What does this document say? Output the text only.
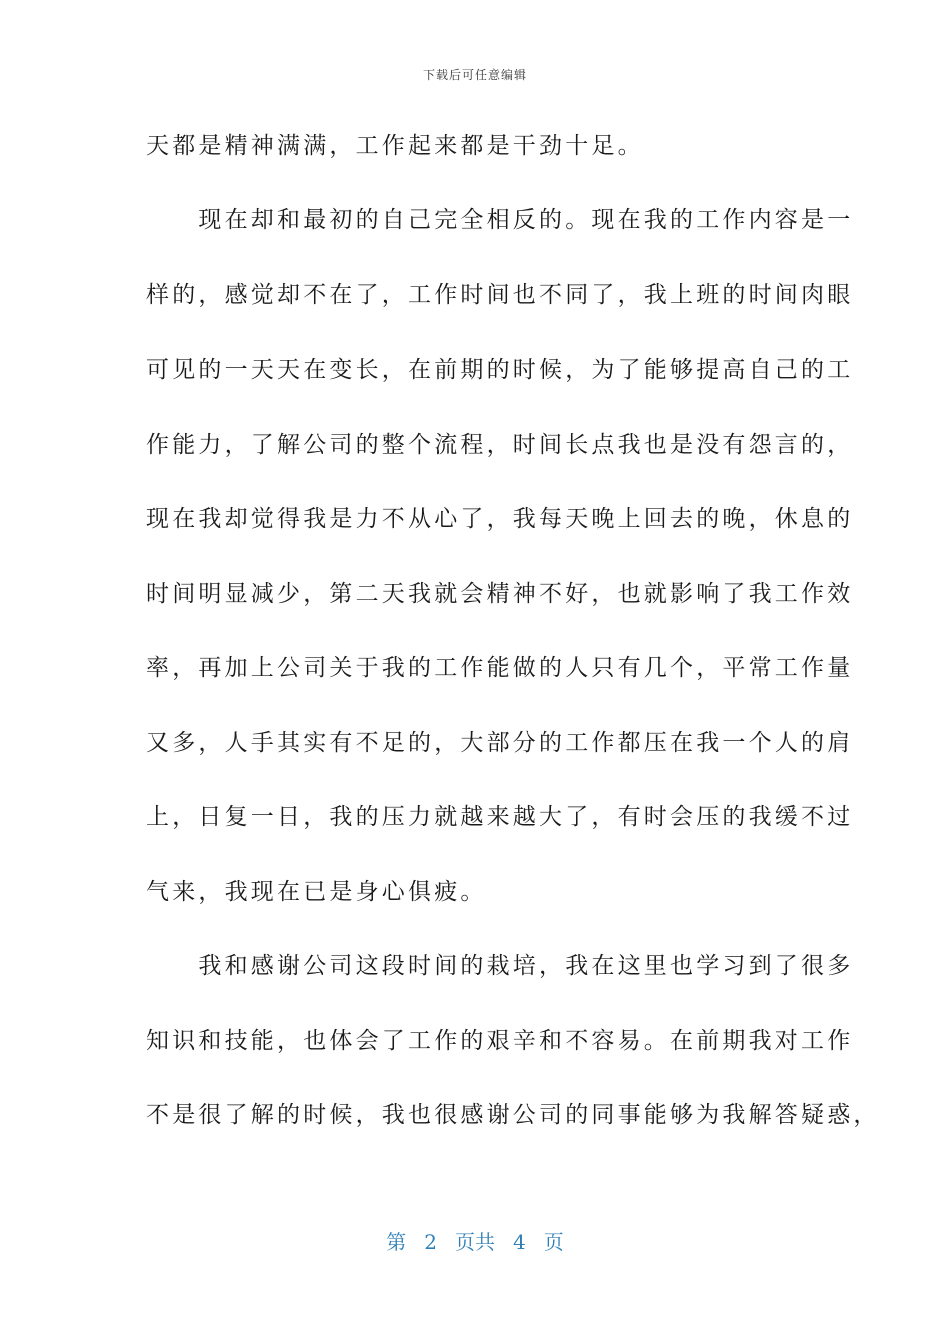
下载后可任意编辑
天都是精神满满，工作起来都是干劲十足。
　　现在却和最初的自己完全相反的。现在我的工作内容是一
样的，感觉却不在了，工作时间也不同了，我上班的时间肉眼
可见的一天天在变长，在前期的时候，为了能够提高自己的工
作能力，了解公司的整个流程，时间长点我也是没有怨言的，
现在我却觉得我是力不从心了，我每天晚上回去的晚，休息的
时间明显减少，第二天我就会精神不好，也就影响了我工作效
率，再加上公司关于我的工作能做的人只有几个，平常工作量
又多，人手其实有不足的，大部分的工作都压在我一个人的肩
上，日复一日，我的压力就越来越大了，有时会压的我缓不过
气来，我现在已是身心俱疲。
　　我和感谢公司这段时间的栽培，我在这里也学习到了很多
知识和技能，也体会了工作的艰辛和不容易。在前期我对工作
不是很了解的时候，我也很感谢公司的同事能够为我解答疑惑，
第 2 页共 4 页
